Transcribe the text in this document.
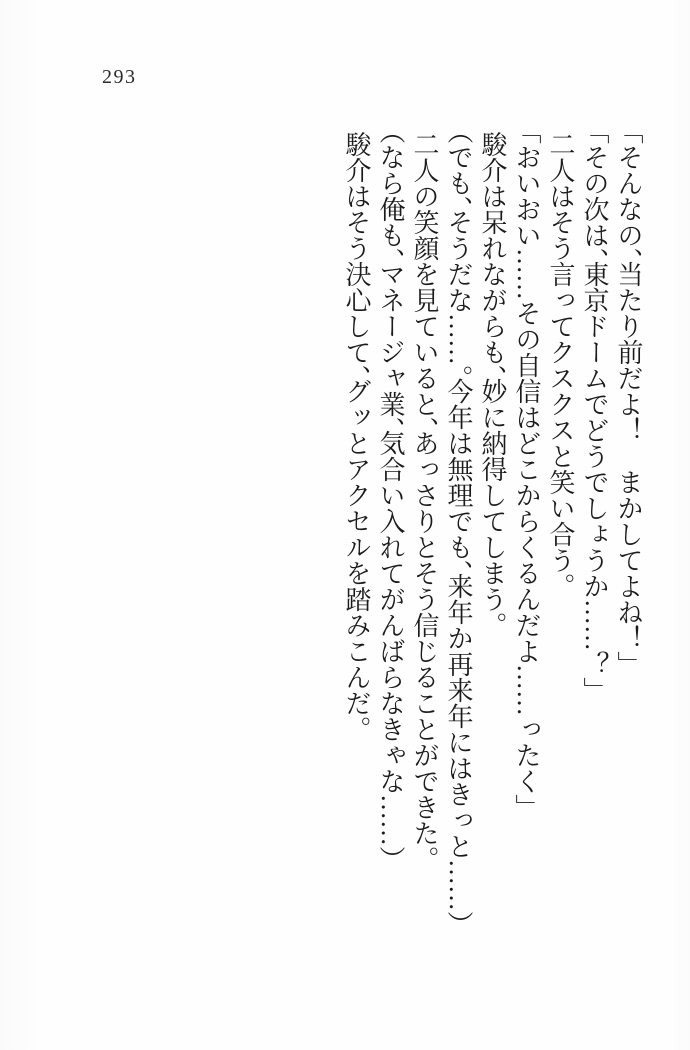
293

「そんなの、当たり前だよ！　まかしてよね！」

「その次は、東京ドームでどうでしょうか……？」

二人はそう言ってクスクスと笑い合う。

「おいおい……その自信はどこからくるんだよ……ったく」

駿介は呆れながらも、妙に納得してしまう。

（でも、そうだな……。今年は無理でも、来年か再来年にはきっと……）

二人の笑顔を見ていると、あっさりとそう信じることができた。

（なら俺も、マネージャ業、気合い入れてがんばらなきゃな……）

駿介はそう決心して、グッとアクセルを踏みこんだ。
